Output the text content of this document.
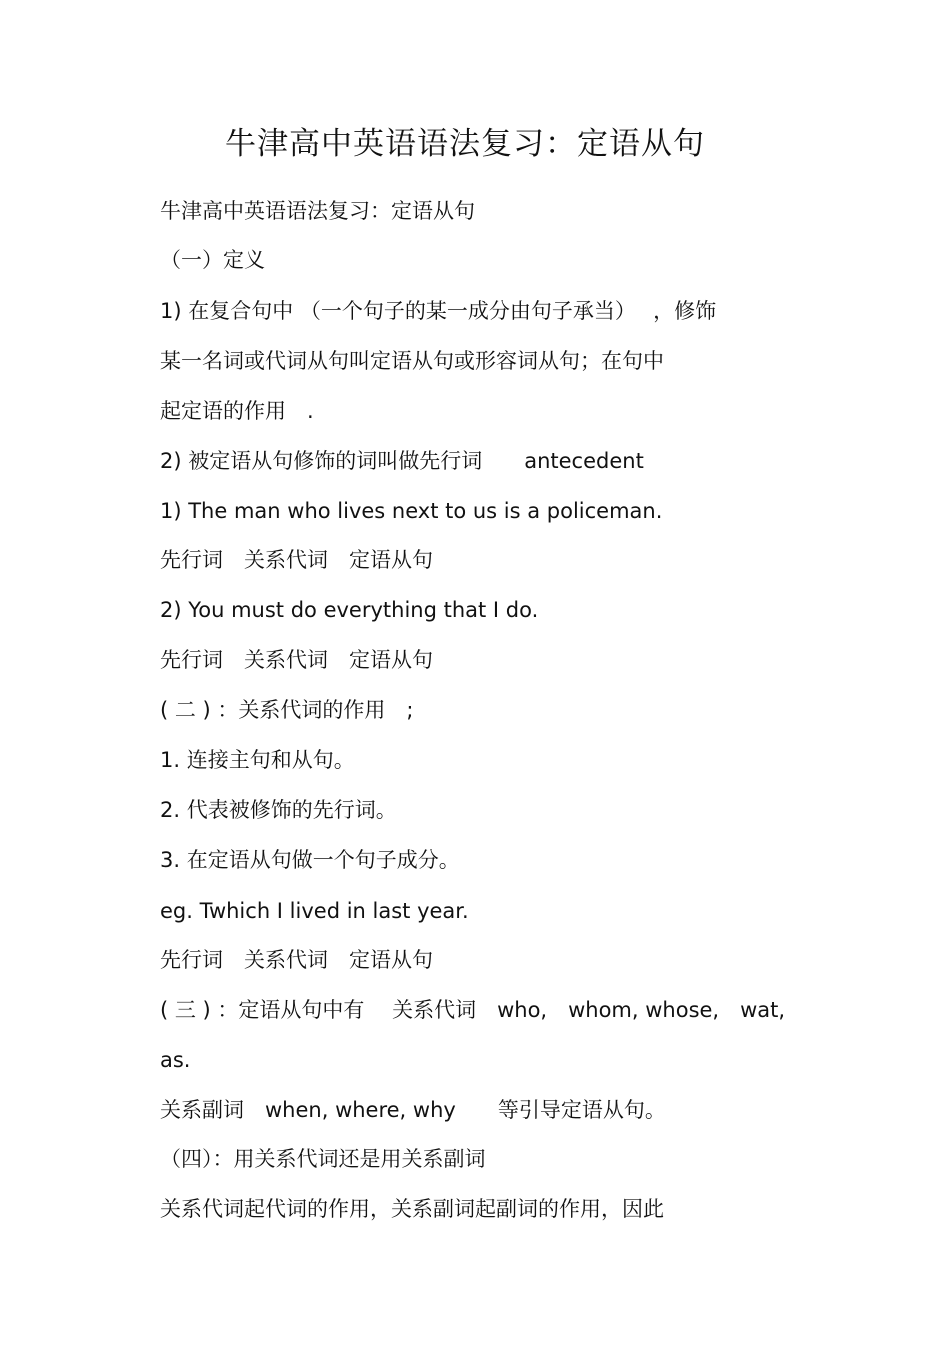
牛津高中英语语法复习：定语从句
牛津高中英语语法复习：定语从句
（一）定义
1) 在复合句中 （一个句子的某一成分由句子承当）　 ，修饰
某一名词或代词从句叫定语从句或形容词从句；在句中
起定语的作用　.
2) 被定语从句修饰的词叫做先行词　　antecedent
1) The man who lives next to us is a policeman.
先行词　关系代词　定语从句
2) You must do everything that I do.
先行词　关系代词　定语从句
( 二 ) ：关系代词的作用　;
1. 连接主句和从句。
2. 代表被修饰的先行词。
3. 在定语从句做一个句子成分。
eg. Twhich I lived in last year.
先行词　关系代词　定语从句
( 三 ) ：定语从句中有　 关系代词　who,　whom, whose,　wat,
as.
关系副词　when, where, why　　等引导定语从句。
（四）：用关系代词还是用关系副词
关系代词起代词的作用，关系副词起副词的作用，因此
